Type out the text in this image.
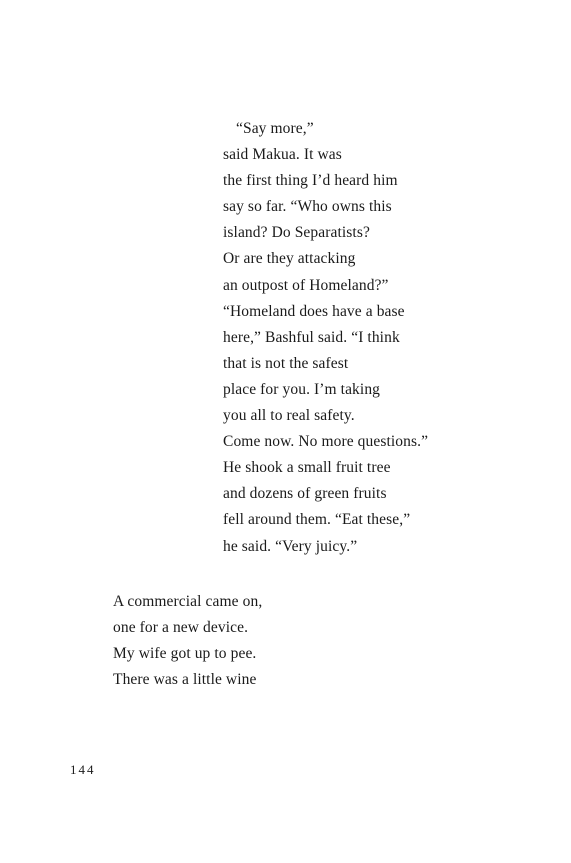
“Say more,”
said Makua. It was
the first thing I’d heard him
say so far. “Who owns this
island? Do Separatists?
Or are they attacking
an outpost of Homeland?”
“Homeland does have a base
here,” Bashful said. “I think
that is not the safest
place for you. I’m taking
you all to real safety.
Come now. No more questions.”
He shook a small fruit tree
and dozens of green fruits
fell around them. “Eat these,”
he said. “Very juicy.”
A commercial came on,
one for a new device.
My wife got up to pee.
There was a little wine
144
